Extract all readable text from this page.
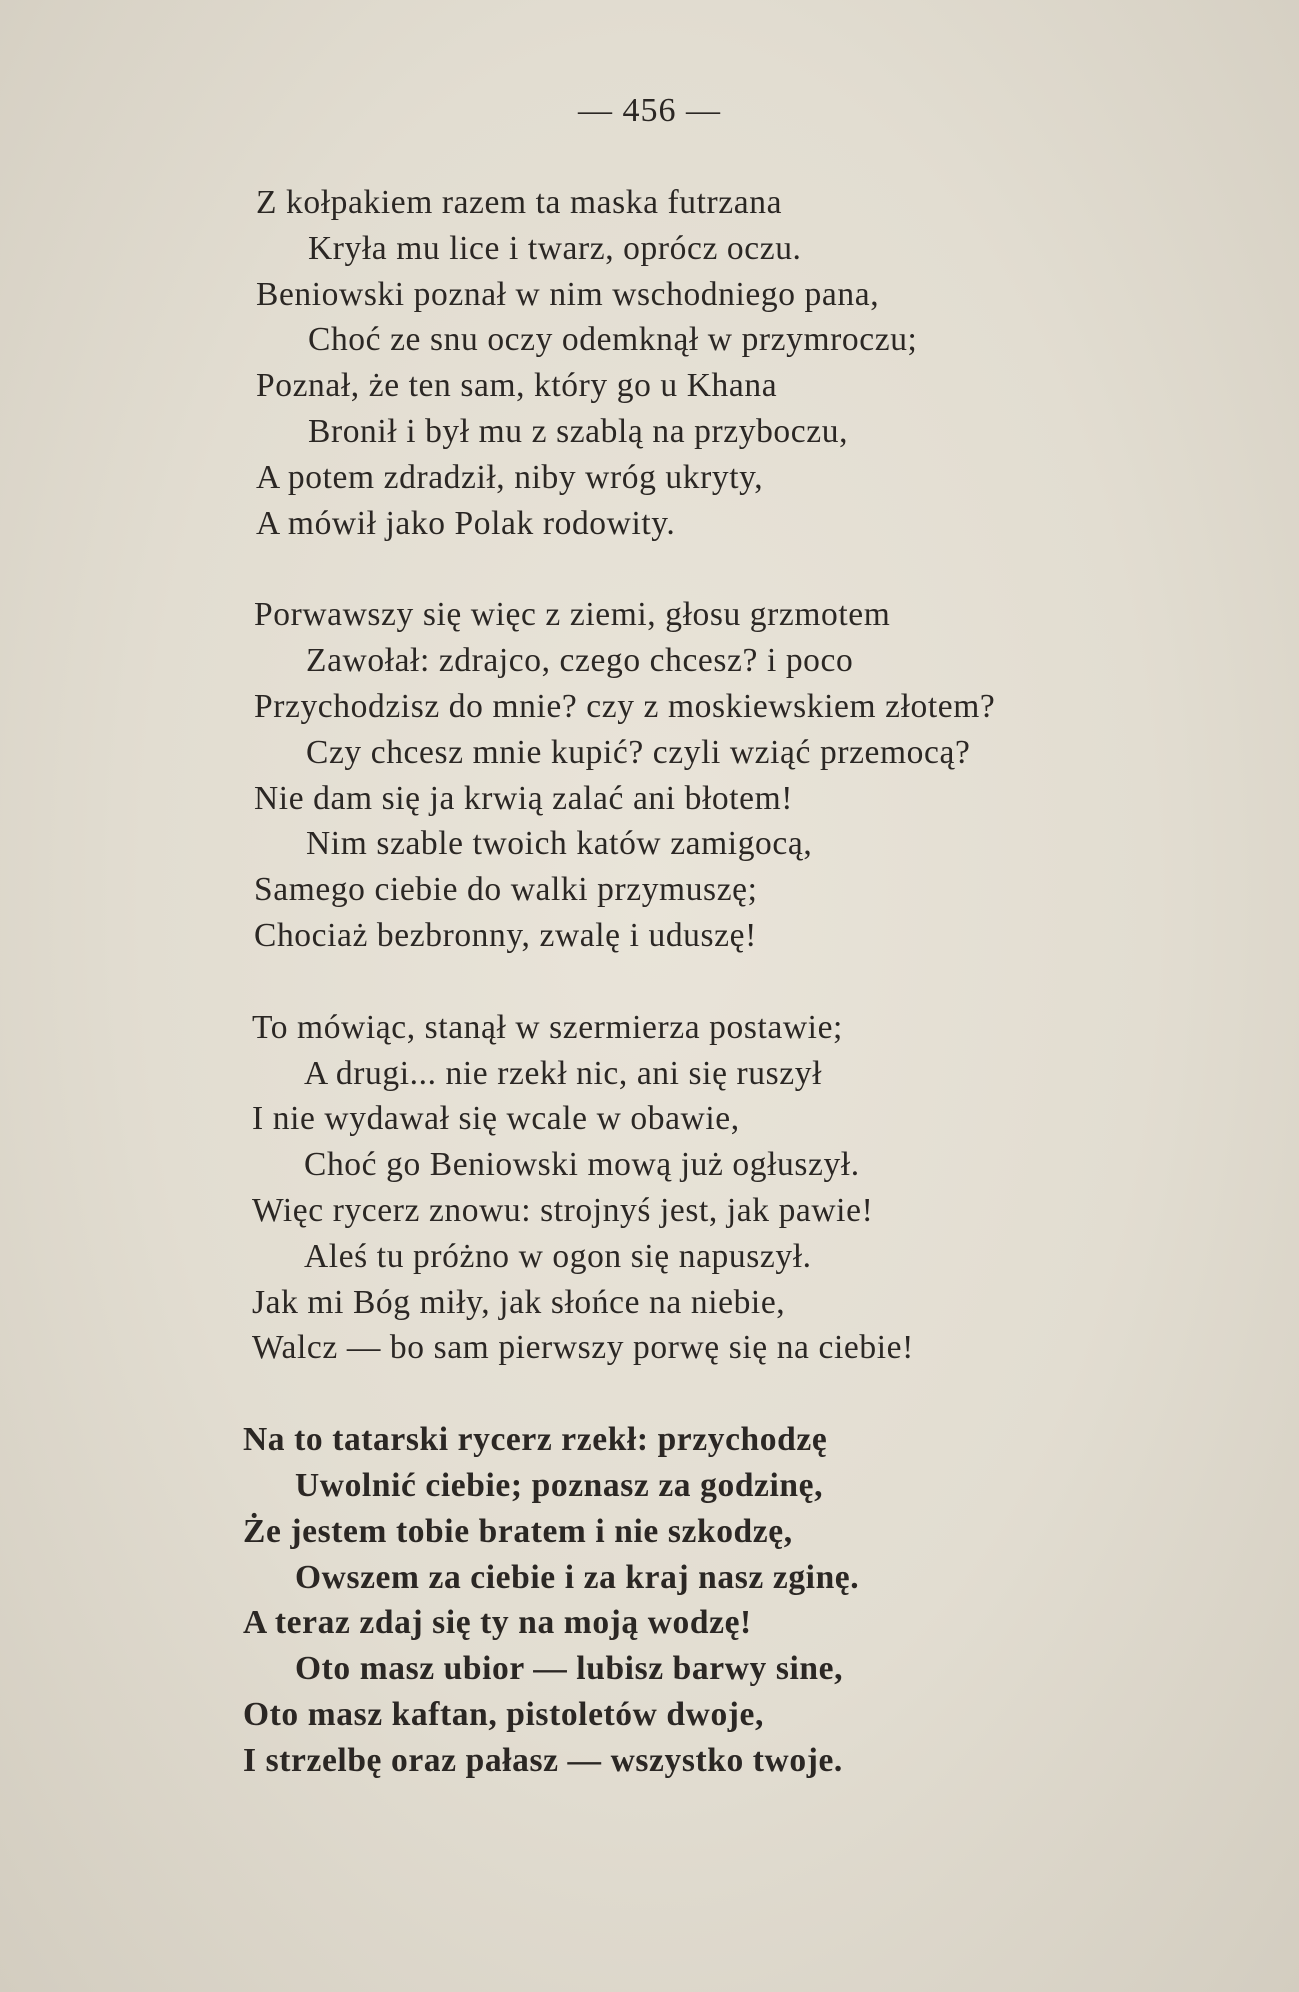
— 456 —
Z kołpakiem razem ta maska futrzana
Kryła mu lice i twarz, oprócz oczu.
Beniowski poznał w nim wschodniego pana,
Choć ze snu oczy odemknął w przymroczu;
Poznał, że ten sam, który go u Khana
Bronił i był mu z szablą na przyboczu,
A potem zdradził, niby wróg ukryty,
A mówił jako Polak rodowity.
Porwawszy się więc z ziemi, głosu grzmotem
Zawołał: zdrajco, czego chcesz? i poco
Przychodzisz do mnie? czy z moskiewskiem złotem?
Czy chcesz mnie kupić? czyli wziąć przemocą?
Nie dam się ja krwią zalać ani błotem!
Nim szable twoich katów zamigocą,
Samego ciebie do walki przymuszę;
Chociaż bezbronny, zwalę i uduszę!
To mówiąc, stanął w szermierza postawie;
A drugi... nie rzekł nic, ani się ruszył
I nie wydawał się wcale w obawie,
Choć go Beniowski mową już ogłuszył.
Więc rycerz znowu: strojnyś jest, jak pawie!
Aleś tu próżno w ogon się napuszył.
Jak mi Bóg miły, jak słońce na niebie,
Walcz — bo sam pierwszy porwę się na ciebie!
Na to tatarski rycerz rzekł: przychodzę
Uwolnić ciebie; poznasz za godzinę,
Że jestem tobie bratem i nie szkodzę,
Owszem za ciebie i za kraj nasz zginę.
A teraz zdaj się ty na moją wodzę!
Oto masz ubior — lubisz barwy sine,
Oto masz kaftan, pistoletów dwoje,
I strzelbę oraz pałasz — wszystko twoje.
